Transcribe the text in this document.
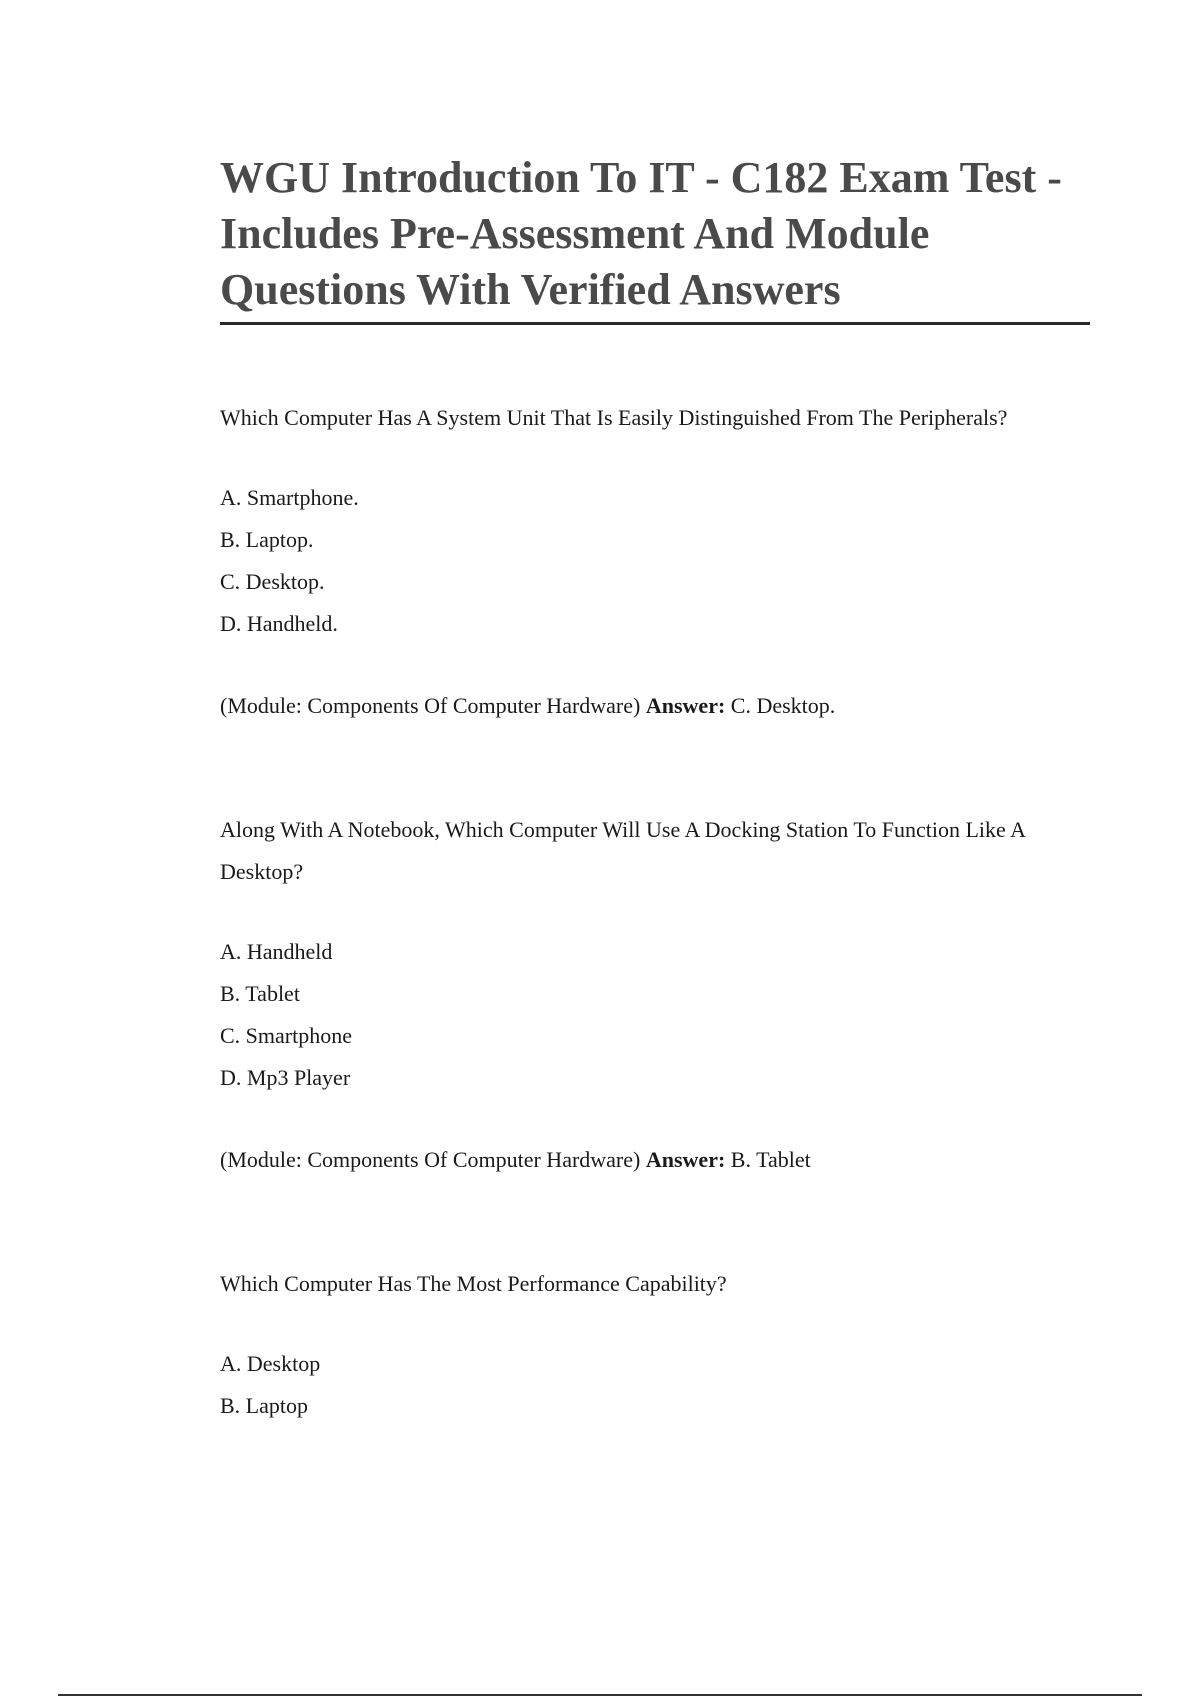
WGU Introduction To IT - C182 Exam Test - Includes Pre-Assessment And Module Questions With Verified Answers

Which Computer Has A System Unit That Is Easily Distinguished From The Peripherals?

A. Smartphone.
B. Laptop.
C. Desktop.
D. Handheld.

(Module: Components Of Computer Hardware) Answer: C. Desktop.

Along With A Notebook, Which Computer Will Use A Docking Station To Function Like A Desktop?

A. Handheld
B. Tablet
C. Smartphone
D. Mp3 Player

(Module: Components Of Computer Hardware) Answer: B. Tablet

Which Computer Has The Most Performance Capability?

A. Desktop
B. Laptop
